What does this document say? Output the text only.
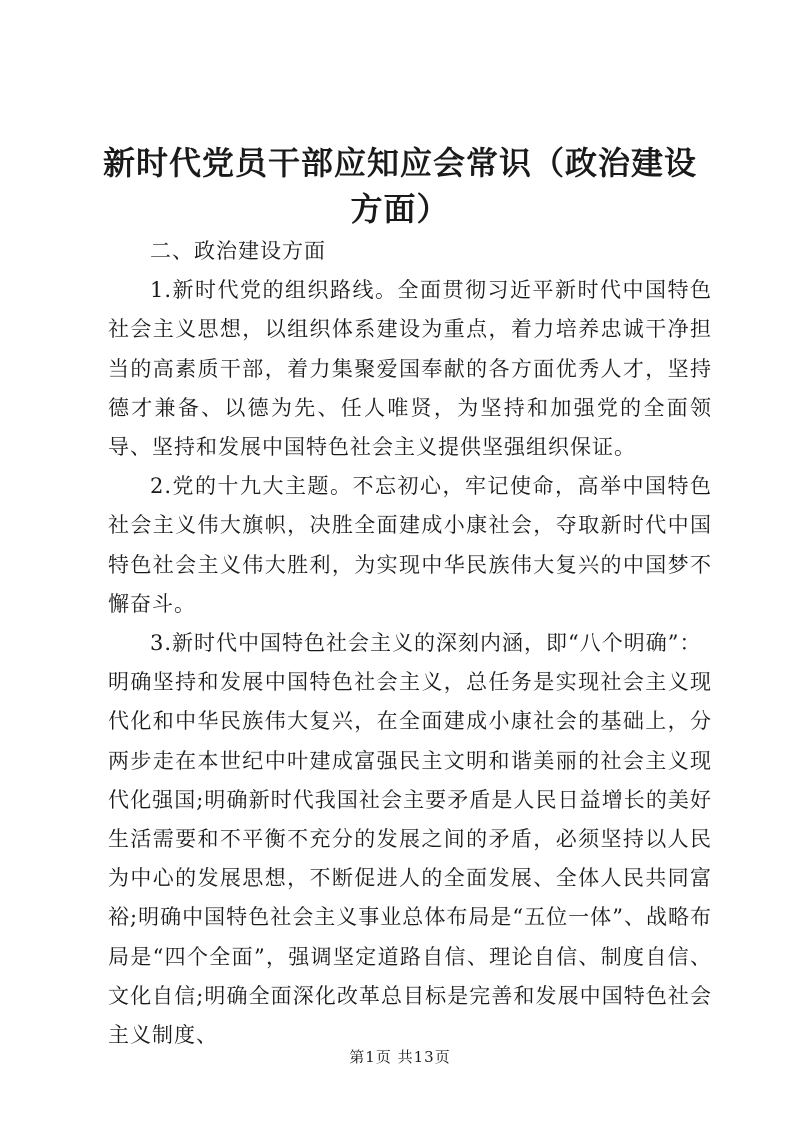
新时代党员干部应知应会常识（政治建设方面）

二、政治建设方面

1.新时代党的组织路线。全面贯彻习近平新时代中国特色社会主义思想，以组织体系建设为重点，着力培养忠诚干净担当的高素质干部，着力集聚爱国奉献的各方面优秀人才，坚持德才兼备、以德为先、任人唯贤，为坚持和加强党的全面领导、坚持和发展中国特色社会主义提供坚强组织保证。

2.党的十九大主题。不忘初心，牢记使命，高举中国特色社会主义伟大旗帜，决胜全面建成小康社会，夺取新时代中国特色社会主义伟大胜利，为实现中华民族伟大复兴的中国梦不懈奋斗。

3.新时代中国特色社会主义的深刻内涵，即“八个明确”：

明确坚持和发展中国特色社会主义，总任务是实现社会主义现代化和中华民族伟大复兴，在全面建成小康社会的基础上，分两步走在本世纪中叶建成富强民主文明和谐美丽的社会主义现代化强国;明确新时代我国社会主要矛盾是人民日益增长的美好生活需要和不平衡不充分的发展之间的矛盾，必须坚持以人民为中心的发展思想，不断促进人的全面发展、全体人民共同富裕;明确中国特色社会主义事业总体布局是“五位一体”、战略布局是“四个全面”，强调坚定道路自信、理论自信、制度自信、文化自信;明确全面深化改革总目标是完善和发展中国特色社会主义制度、

第1页 共13页
